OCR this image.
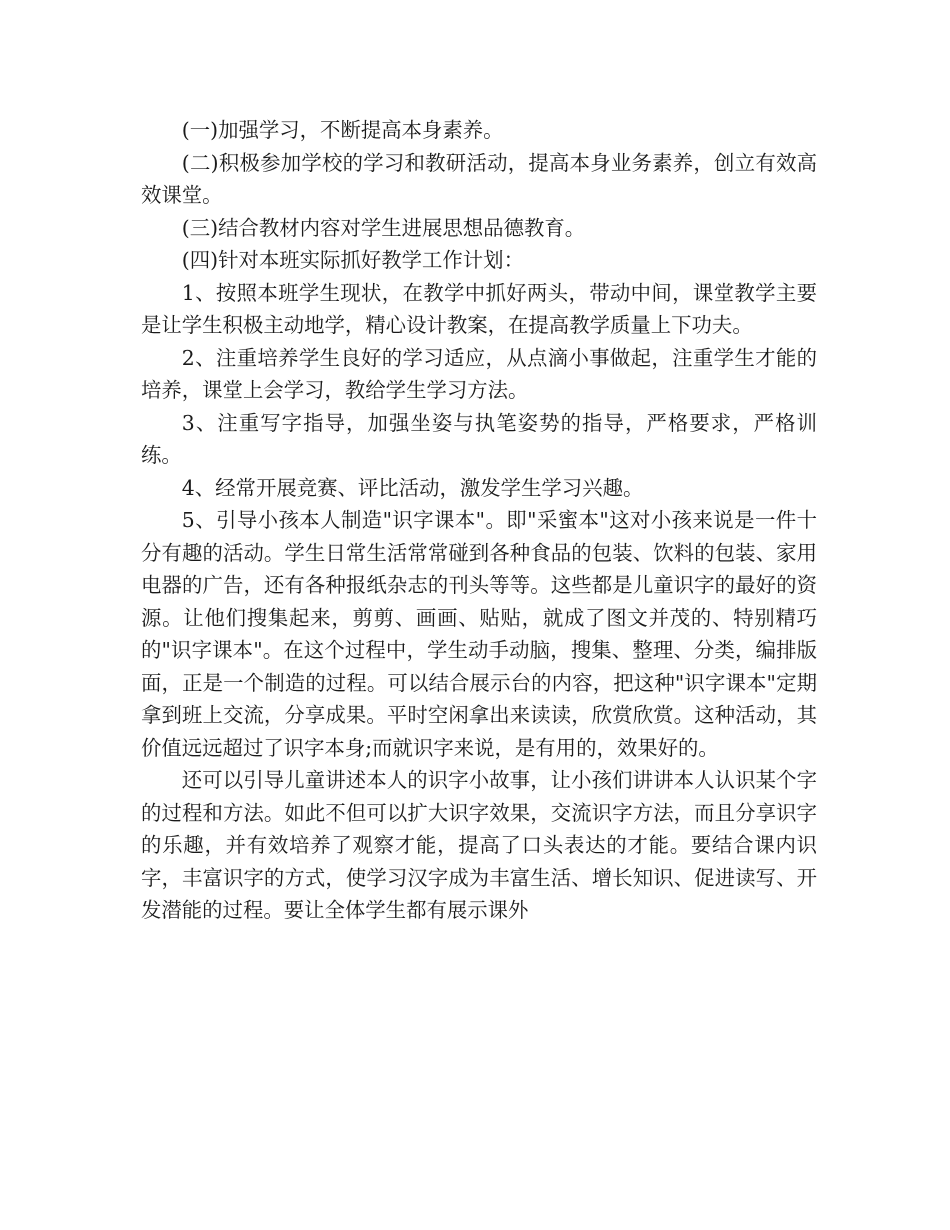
(一)加强学习，不断提高本身素养。

(二)积极参加学校的学习和教研活动，提高本身业务素养，创立有效高效课堂。

(三)结合教材内容对学生进展思想品德教育。

(四)针对本班实际抓好教学工作计划：

1、按照本班学生现状，在教学中抓好两头，带动中间，课堂教学主要是让学生积极主动地学，精心设计教案，在提高教学质量上下功夫。

2、注重培养学生良好的学习适应，从点滴小事做起，注重学生才能的培养，课堂上会学习，教给学生学习方法。

3、注重写字指导，加强坐姿与执笔姿势的指导，严格要求，严格训练。

4、经常开展竞赛、评比活动，激发学生学习兴趣。

5、引导小孩本人制造"识字课本"。即"采蜜本"这对小孩来说是一件十分有趣的活动。学生日常生活常常碰到各种食品的包装、饮料的包装、家用电器的广告，还有各种报纸杂志的刊头等等。这些都是儿童识字的最好的资源。让他们搜集起来，剪剪、画画、贴贴，就成了图文并茂的、特别精巧的"识字课本"。在这个过程中，学生动手动脑，搜集、整理、分类，编排版面，正是一个制造的过程。可以结合展示台的内容，把这种"识字课本"定期拿到班上交流，分享成果。平时空闲拿出来读读，欣赏欣赏。这种活动，其价值远远超过了识字本身;而就识字来说，是有用的，效果好的。

还可以引导儿童讲述本人的识字小故事，让小孩们讲讲本人认识某个字的过程和方法。如此不但可以扩大识字效果，交流识字方法，而且分享识字的乐趣，并有效培养了观察才能，提高了口头表达的才能。要结合课内识字，丰富识字的方式，使学习汉字成为丰富生活、增长知识、促进读写、开发潜能的过程。要让全体学生都有展示课外
